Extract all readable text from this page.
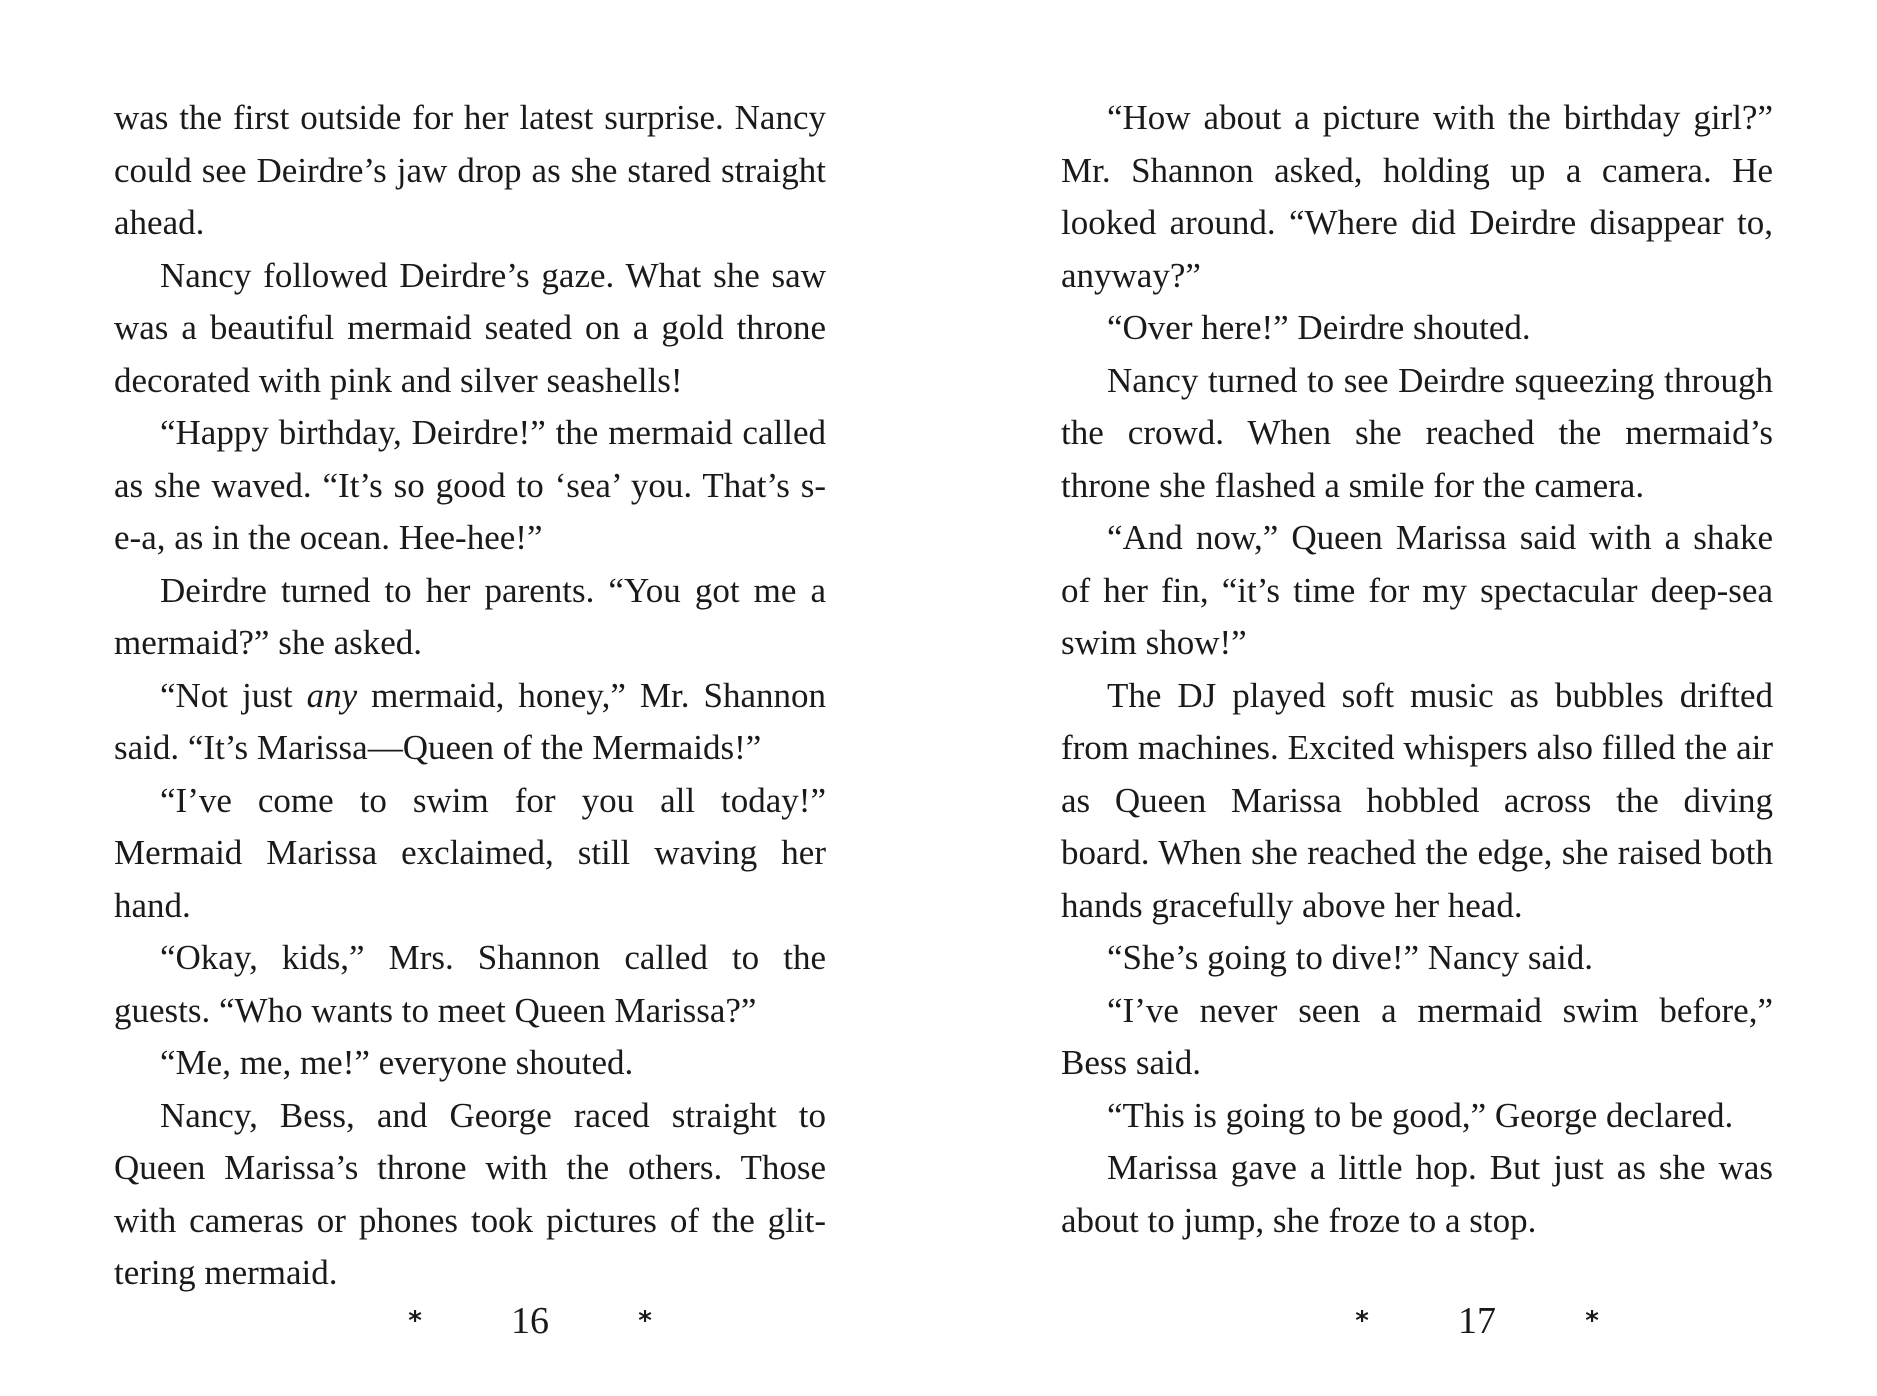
was the first outside for her latest surprise. Nancy could see Deirdre’s jaw drop as she stared straight ahead.

Nancy followed Deirdre’s gaze. What she saw was a beautiful mermaid seated on a gold throne decorated with pink and silver seashells!

“Happy birthday, Deirdre!” the mermaid called as she waved. “It’s so good to ‘sea’ you. That’s s-e-a, as in the ocean. Hee-hee!”

Deirdre turned to her parents. “You got me a mermaid?” she asked.

“Not just any mermaid, honey,” Mr. Shannon said. “It’s Marissa—Queen of the Mermaids!”

“I’ve come to swim for you all today!” Mermaid Marissa exclaimed, still waving her hand.

“Okay, kids,” Mrs. Shannon called to the guests. “Who wants to meet Queen Marissa?”

“Me, me, me!” everyone shouted.

Nancy, Bess, and George raced straight to Queen Marissa’s throne with the others. Those with cameras or phones took pictures of the glittering mermaid.

* 16	*

“How about a picture with the birthday girl?” Mr. Shannon asked, holding up a camera. He looked around. “Where did Deirdre disappear to, anyway?”

“Over here!” Deirdre shouted.

Nancy turned to see Deirdre squeezing through the crowd. When she reached the mermaid’s throne she flashed a smile for the camera.

“And now,” Queen Marissa said with a shake of her fin, “it’s time for my spectacular deep-sea swim show!”

The DJ played soft music as bubbles drifted from machines. Excited whispers also filled the air as Queen Marissa hobbled across the diving board. When she reached the edge, she raised both hands gracefully above her head.

“She’s going to dive!” Nancy said.

“I’ve never seen a mermaid swim before,” Bess said.

“This is going to be good,” George declared.

Marissa gave a little hop. But just as she was about to jump, she froze to a stop.

* 17	*
